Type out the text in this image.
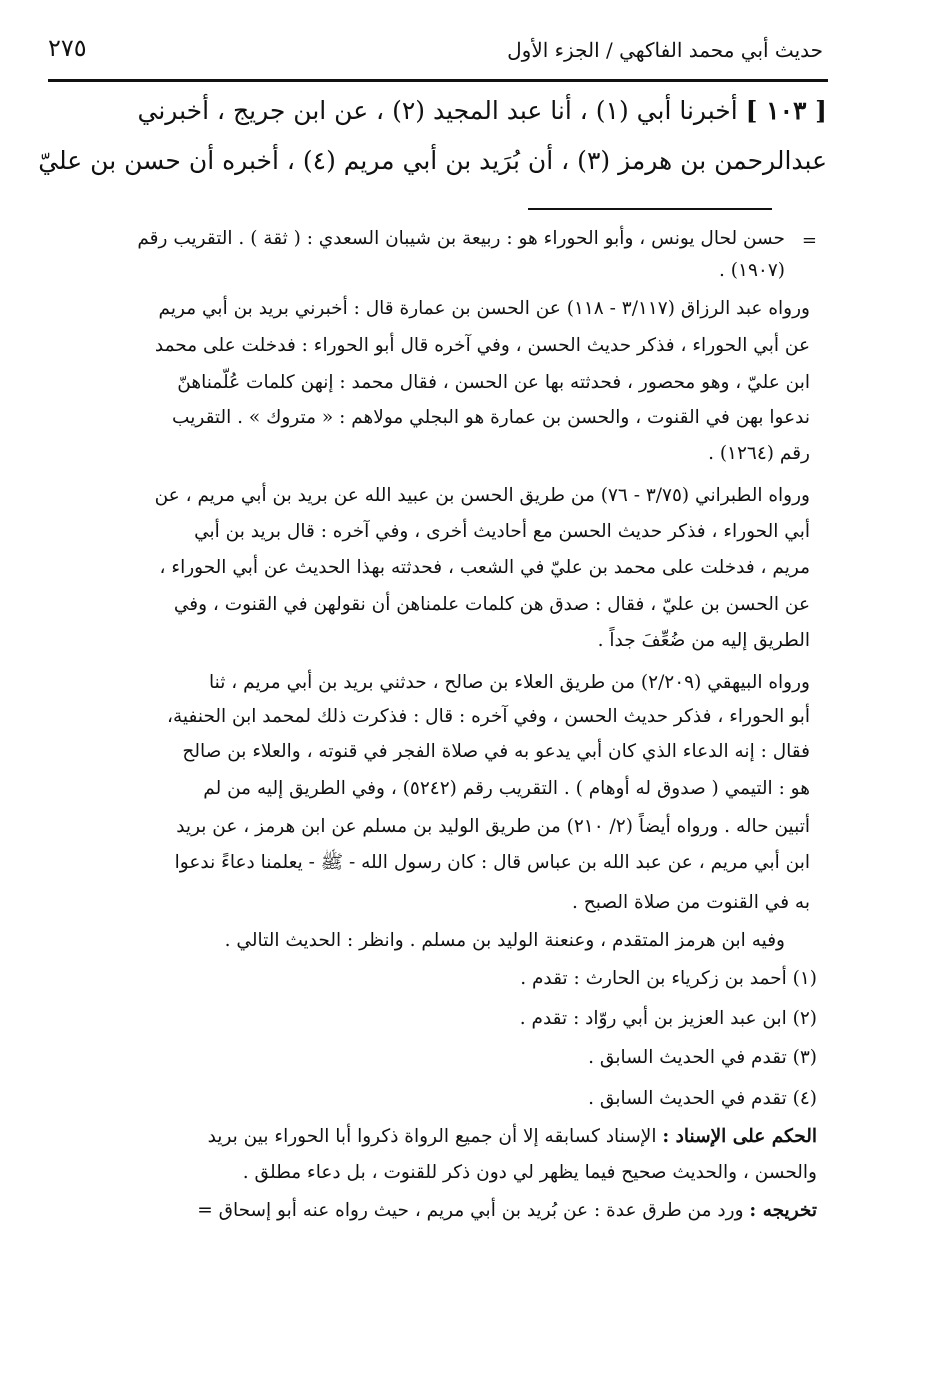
حديث أبي محمد الفاكهي / الجزء الأول
٢٧٥
[ ١٠٣ ] أخبرنا أبي (١) ، أنا عبد المجيد (٢) ، عن ابن جريج ، أخبرني
عبدالرحمن بن هرمز (٣) ، أن بُرَيد بن أبي مريم (٤) ، أخبره أن حسن بن عليّ
=
حسن لحال يونس ، وأبو الحوراء هو : ربيعة بن شيبان السعدي : ( ثقة ) . التقريب رقم
(١٩٠٧) .
ورواه عبد الرزاق (٣/١١٧ - ١١٨) عن الحسن بن عمارة قال : أخبرني بريد بن أبي مريم
عن أبي الحوراء ، فذكر حديث الحسن ، وفي آخره قال أبو الحوراء : فدخلت على محمد
ابن عليّ ، وهو محصور ، فحدثته بها عن الحسن ، فقال محمد : إنهن كلمات عُلّمناهنّ
ندعوا بهن في القنوت ، والحسن بن عمارة هو البجلي مولاهم : « متروك » . التقريب
رقم (١٢٦٤) .
ورواه الطبراني (٣/٧٥ - ٧٦) من طريق الحسن بن عبيد الله عن بريد بن أبي مريم ، عن
أبي الحوراء ، فذكر حديث الحسن مع أحاديث أخرى ، وفي آخره : قال بريد بن أبي
مريم ، فدخلت على محمد بن عليّ في الشعب ، فحدثته بهذا الحديث عن أبي الحوراء ،
عن الحسن بن عليّ ، فقال : صدق هن كلمات علمناهن أن نقولهن في القنوت ، وفي
الطريق إليه من ضُعِّفَ جداً .
ورواه البيهقي (٢/٢٠٩) من طريق العلاء بن صالح ، حدثني بريد بن أبي مريم ، ثنا
أبو الحوراء ، فذكر حديث الحسن ، وفي آخره : قال : فذكرت ذلك لمحمد ابن الحنفية،
فقال : إنه الدعاء الذي كان أبي يدعو به في صلاة الفجر في قنوته ، والعلاء بن صالح
هو : التيمي ( صدوق له أوهام ) . التقريب رقم (٥٢٤٢) ، وفي الطريق إليه من لم
أتبين حاله . ورواه أيضاً (٢/ ٢١٠) من طريق الوليد بن مسلم عن ابن هرمز ، عن بريد
ابن أبي مريم ، عن عبد الله بن عباس قال : كان رسول الله - ﷺ - يعلمنا دعاءً ندعوا
به في القنوت من صلاة الصبح .
وفيه ابن هرمز المتقدم ، وعنعنة الوليد بن مسلم . وانظر : الحديث التالي .
(١) أحمد بن زكرياء بن الحارث : تقدم .
(٢) ابن عبد العزيز بن أبي روّاد : تقدم .
(٣) تقدم في الحديث السابق .
(٤) تقدم في الحديث السابق .
الحكم على الإسناد : الإسناد كسابقه إلا أن جميع الرواة ذكروا أبا الحوراء بين بريد
والحسن ، والحديث صحيح فيما يظهر لي دون ذكر للقنوت ، بل دعاء مطلق .
تخريجه : ورد من طرق عدة : عن بُريد بن أبي مريم ، حيث رواه عنه أبو إسحاق =
